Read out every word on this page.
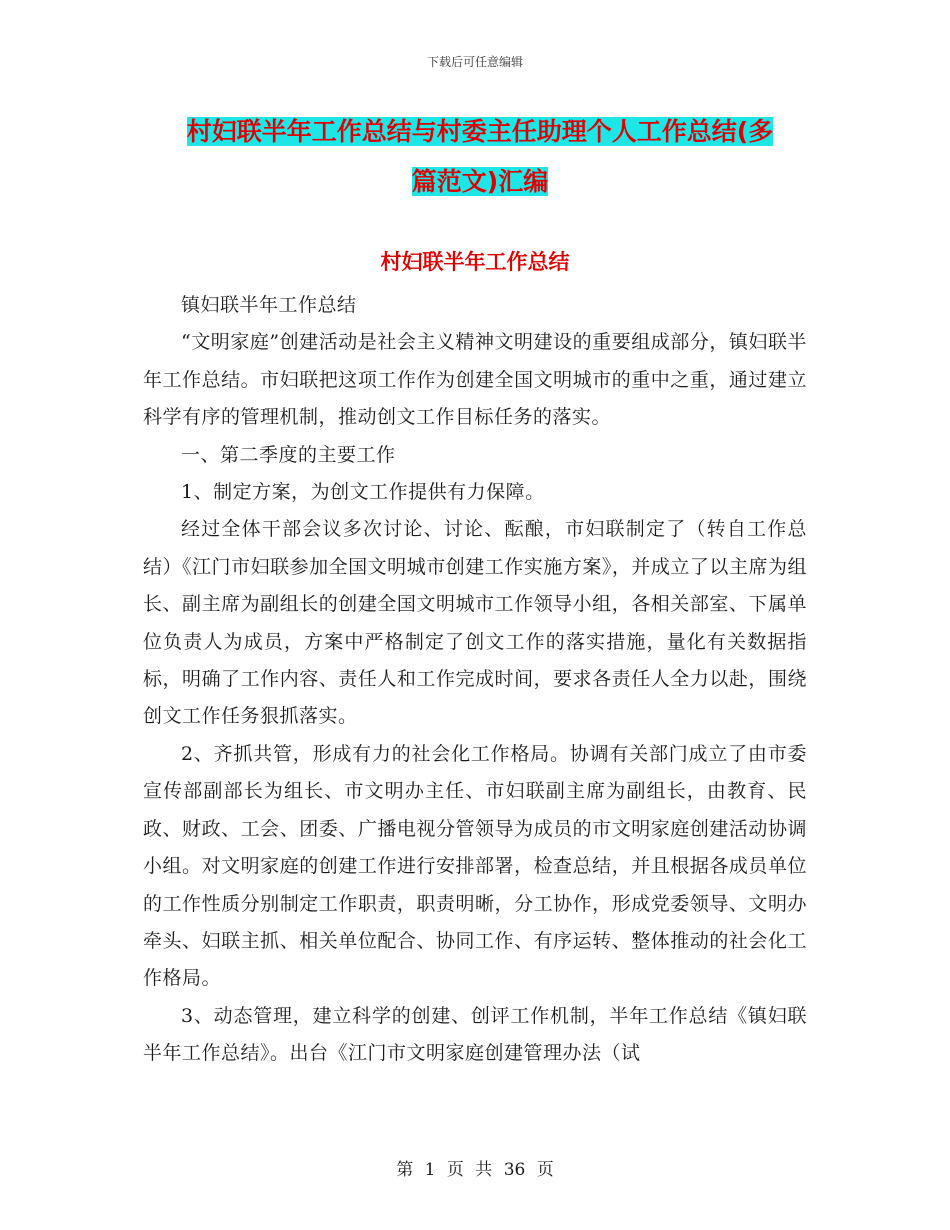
下载后可任意编辑
村妇联半年工作总结与村委主任助理个人工作总结(多
篇范文)汇编
村妇联半年工作总结

镇妇联半年工作总结

“文明家庭”创建活动是社会主义精神文明建设的重要组成部分，镇妇联半年工作总结。市妇联把这项工作作为创建全国文明城市的重中之重，通过建立科学有序的管理机制，推动创文工作目标任务的落实。

一、第二季度的主要工作

1、制定方案，为创文工作提供有力保障。

经过全体干部会议多次讨论、讨论、酝酿，市妇联制定了（转自工作总结）《江门市妇联参加全国文明城市创建工作实施方案》，并成立了以主席为组长、副主席为副组长的创建全国文明城市工作领导小组，各相关部室、下属单位负责人为成员，方案中严格制定了创文工作的落实措施，量化有关数据指标，明确了工作内容、责任人和工作完成时间，要求各责任人全力以赴，围绕创文工作任务狠抓落实。

2、齐抓共管，形成有力的社会化工作格局。协调有关部门成立了由市委宣传部副部长为组长、市文明办主任、市妇联副主席为副组长，由教育、民政、财政、工会、团委、广播电视分管领导为成员的市文明家庭创建活动协调小组。对文明家庭的创建工作进行安排部署，检查总结，并且根据各成员单位的工作性质分别制定工作职责，职责明晰，分工协作，形成党委领导、文明办牵头、妇联主抓、相关单位配合、协同工作、有序运转、整体推动的社会化工作格局。

3、动态管理，建立科学的创建、创评工作机制，半年工作总结《镇妇联半年工作总结》。出台《江门市文明家庭创建管理办法（试

第 1 页 共 36 页
